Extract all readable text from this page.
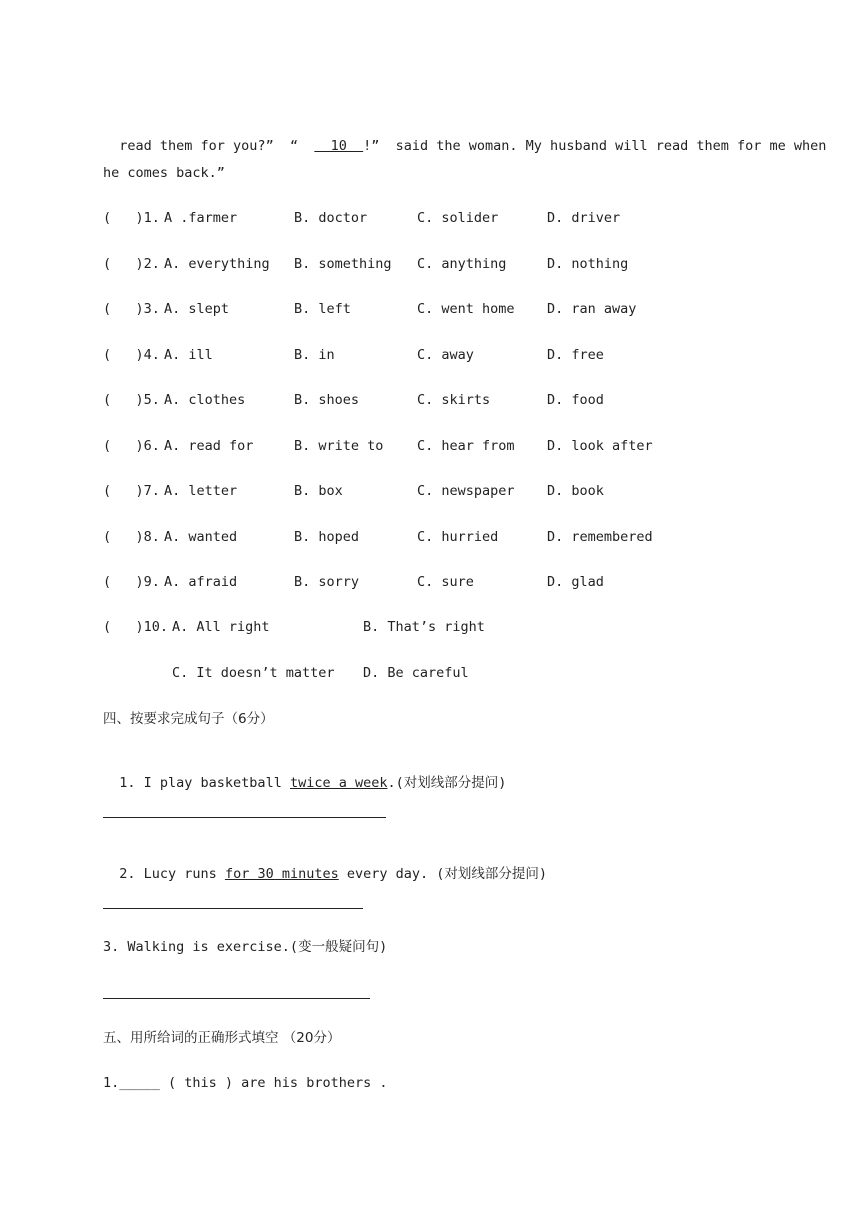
read them for you?”  “    10  !”  said the woman. My husband will read them for me when

he comes back.”
(   )1. A .farmer	B. doctor	C. solider	D. driver
(   )2. A. everything B. something C. anything	D. nothing
(   )3. A. slept	B. left	C. went home D. ran away
(   )4. A. ill	B. in	C. away	D. free
(   )5. A. clothes	B. shoes	C. skirts	D. food
(   )6. A. read for	B. write to C. hear from D. look after
(   )7. A. letter	B. box	C. newspaper D. book
(   )8. A. wanted	B. hoped	C. hurried	D. remembered
(   )9. A. afraid	B. sorry	C. sure	D. glad
(   )10. A. All right	B. That’s right
C. It doesn’t matter D. Be careful
四、按要求完成句子（6分）

1. I play basketball twice a week.(对划线部分提问)

2. Lucy runs for 30 minutes every day. (对划线部分提问)

3. Walking is exercise.(变一般疑问句)
五、用所给词的正确形式填空 （20分）
1._____ ( this ) are his brothers .
